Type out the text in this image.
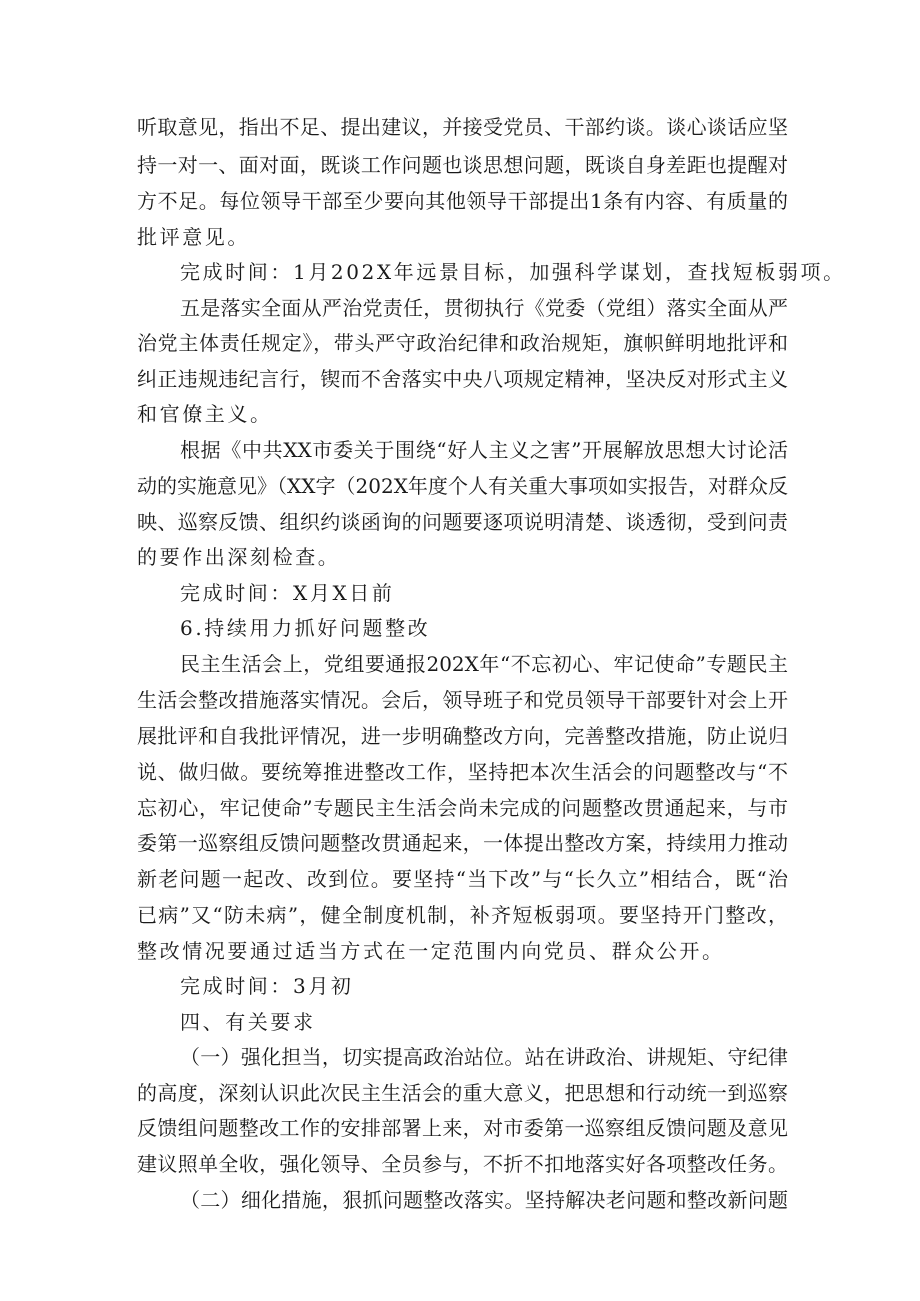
听取意见，指出不足、提出建议，并接受党员、干部约谈。谈心谈话应坚
持一对一、面对面，既谈工作问题也谈思想问题，既谈自身差距也提醒对
方不足。每位领导干部至少要向其他领导干部提出1条有内容、有质量的
批评意见。
完成时间：1月202X年远景目标，加强科学谋划，查找短板弱项。
五是落实全面从严治党责任，贯彻执行《党委（党组）落实全面从严
治党主体责任规定》，带头严守政治纪律和政治规矩，旗帜鲜明地批评和
纠正违规违纪言行，锲而不舍落实中央八项规定精神，坚决反对形式主义
和官僚主义。
根据《中共XX市委关于围绕“好人主义之害”开展解放思想大讨论活
动的实施意见》（XX字（202X年度个人有关重大事项如实报告，对群众反
映、巡察反馈、组织约谈函询的问题要逐项说明清楚、谈透彻，受到问责
的要作出深刻检查。
完成时间：X月X日前
6.持续用力抓好问题整改
民主生活会上，党组要通报202X年“不忘初心、牢记使命”专题民主
生活会整改措施落实情况。会后，领导班子和党员领导干部要针对会上开
展批评和自我批评情况，进一步明确整改方向，完善整改措施，防止说归
说、做归做。要统筹推进整改工作，坚持把本次生活会的问题整改与“不
忘初心，牢记使命”专题民主生活会尚未完成的问题整改贯通起来，与市
委第一巡察组反馈问题整改贯通起来，一体提出整改方案，持续用力推动
新老问题一起改、改到位。要坚持“当下改”与“长久立”相结合，既“治
已病”又“防未病”，健全制度机制，补齐短板弱项。要坚持开门整改，
整改情况要通过适当方式在一定范围内向党员、群众公开。
完成时间：3月初
四、有关要求
（一）强化担当，切实提高政治站位。站在讲政治、讲规矩、守纪律
的高度，深刻认识此次民主生活会的重大意义，把思想和行动统一到巡察
反馈组问题整改工作的安排部署上来，对市委第一巡察组反馈问题及意见
建议照单全收，强化领导、全员参与，不折不扣地落实好各项整改任务。
（二）细化措施，狠抓问题整改落实。坚持解决老问题和整改新问题
